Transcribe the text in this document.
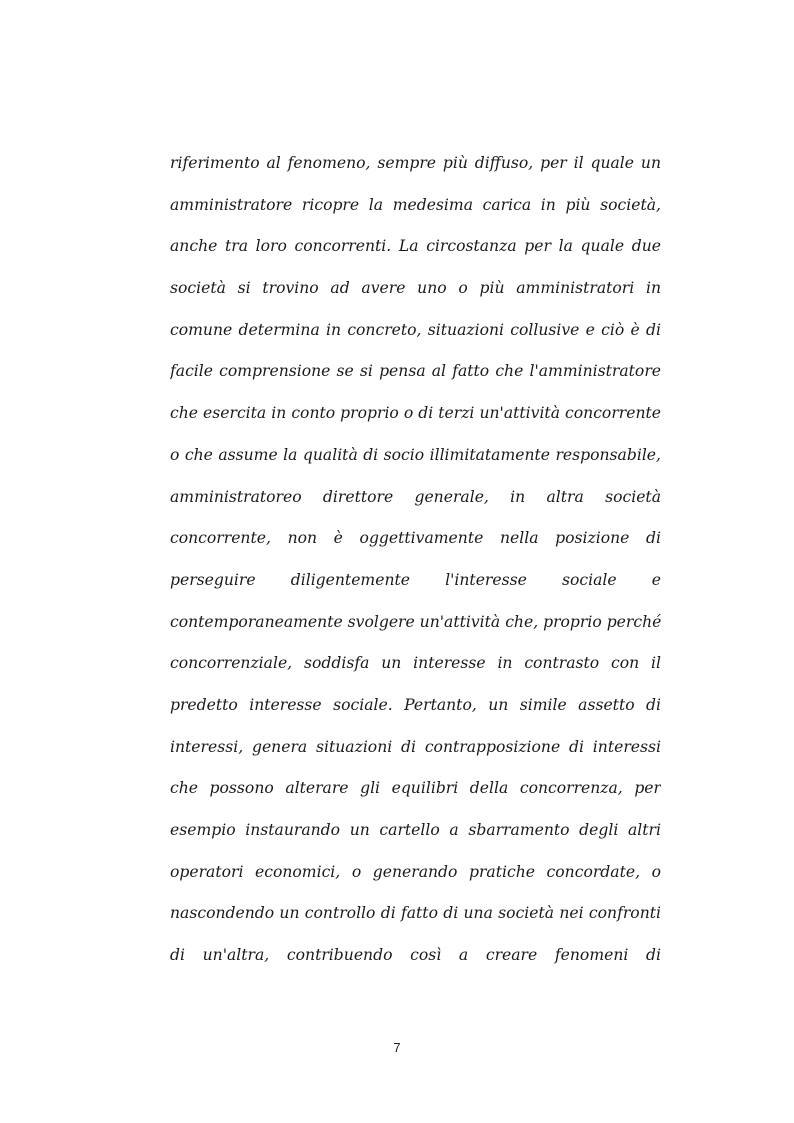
riferimento al fenomeno, sempre più diffuso, per il quale un
amministratore ricopre la medesima carica in più società,
anche tra loro concorrenti. La circostanza per la quale due
società si trovino ad avere uno o più amministratori in
comune determina in concreto, situazioni collusive e ciò è di
facile comprensione se si pensa al fatto che l'amministratore
che esercita in conto proprio o di terzi un'attività concorrente
o che assume la qualità di socio illimitatamente responsabile,
amministratoreo direttore generale, in altra società
concorrente, non è oggettivamente nella posizione di
perseguire diligentemente l'interesse sociale e
contemporaneamente svolgere un'attività che, proprio perché
concorrenziale, soddisfa un interesse in contrasto con il
predetto interesse sociale. Pertanto, un simile assetto di
interessi, genera situazioni di contrapposizione di interessi
che possono alterare gli equilibri della concorrenza, per
esempio instaurando un cartello a sbarramento degli altri
operatori economici, o generando pratiche concordate, o
nascondendo un controllo di fatto di una società nei confronti
di un'altra, contribuendo così a creare fenomeni di
7
